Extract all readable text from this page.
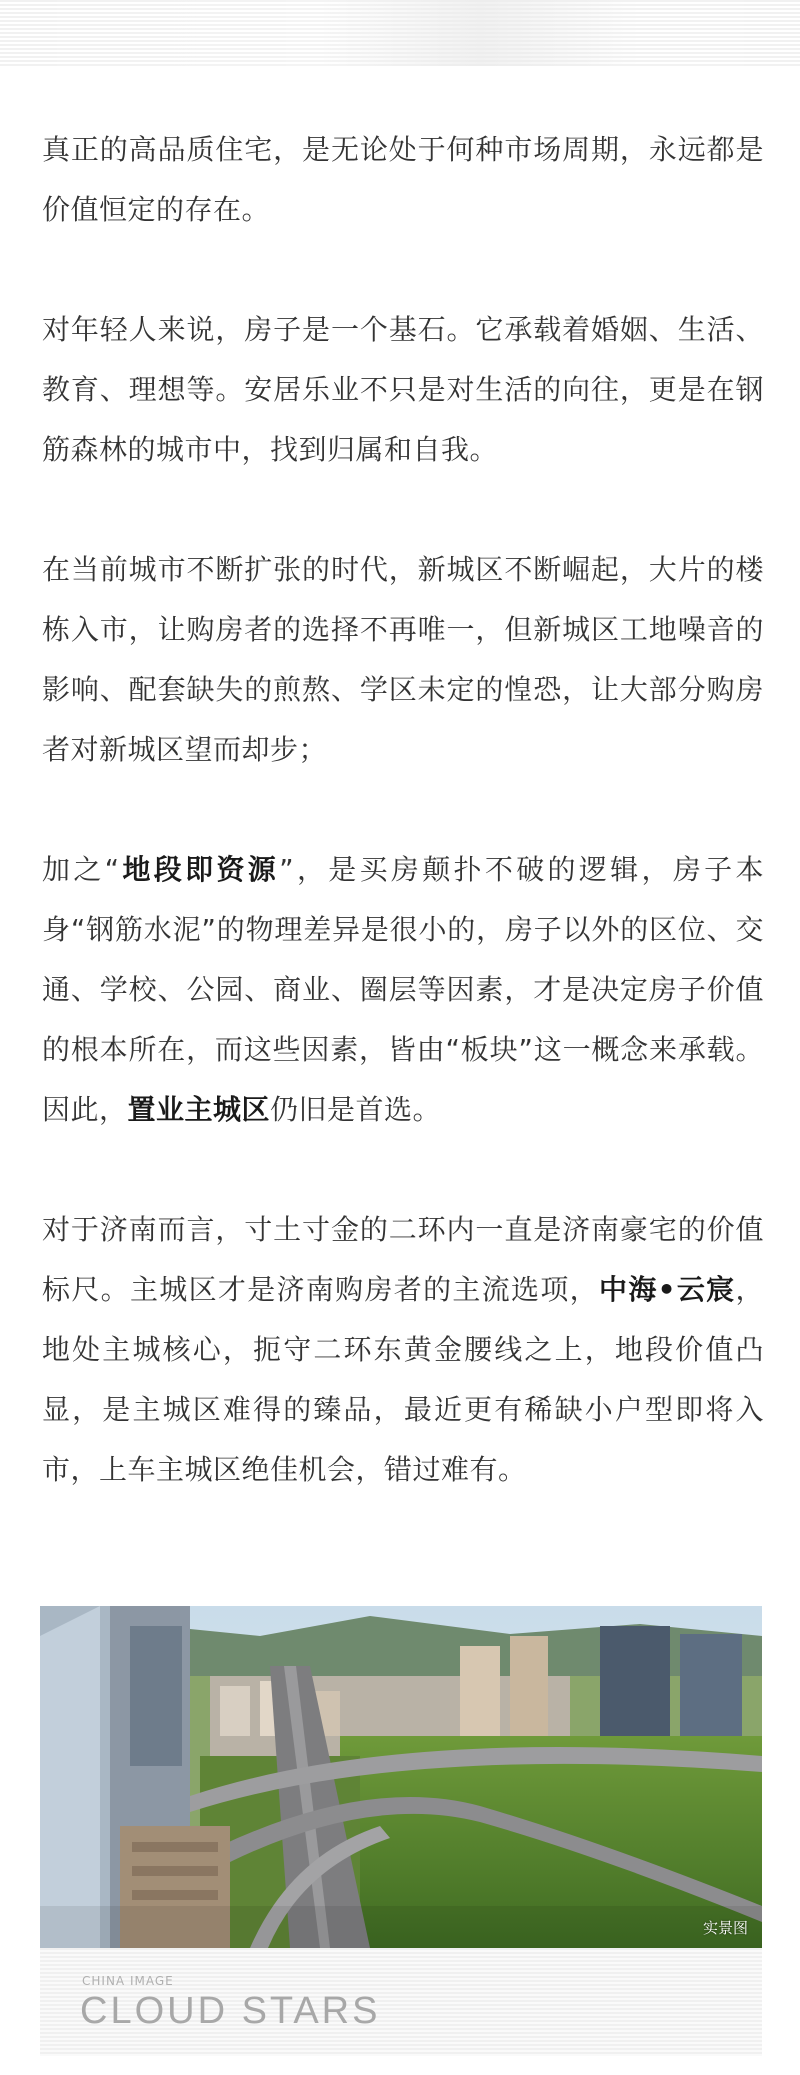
真正的高品质住宅，是无论处于何种市场周期，永远都是价值恒定的存在。

对年轻人来说，房子是一个基石。它承载着婚姻、生活、教育、理想等。安居乐业不只是对生活的向往，更是在钢筋森林的城市中，找到归属和自我。

在当前城市不断扩张的时代，新城区不断崛起，大片的楼栋入市，让购房者的选择不再唯一，但新城区工地噪音的影响、配套缺失的煎熬、学区未定的惶恐，让大部分购房者对新城区望而却步；

加之“地段即资源”，是买房颠扑不破的逻辑，房子本身“钢筋水泥”的物理差异是很小的，房子以外的区位、交通、学校、公园、商业、圈层等因素，才是决定房子价值的根本所在，而这些因素，皆由“板块”这一概念来承载。因此，置业主城区仍旧是首选。

对于济南而言，寸土寸金的二环内一直是济南豪宅的价值标尺。主城区才是济南购房者的主流选项，中海•云宸，地处主城核心，扼守二环东黄金腰线之上，地段价值凸显，是主城区难得的臻品，最近更有稀缺小户型即将入市，上车主城区绝佳机会，错过难有。

实景图
CHINA IMAGE
CLOUD STARS
